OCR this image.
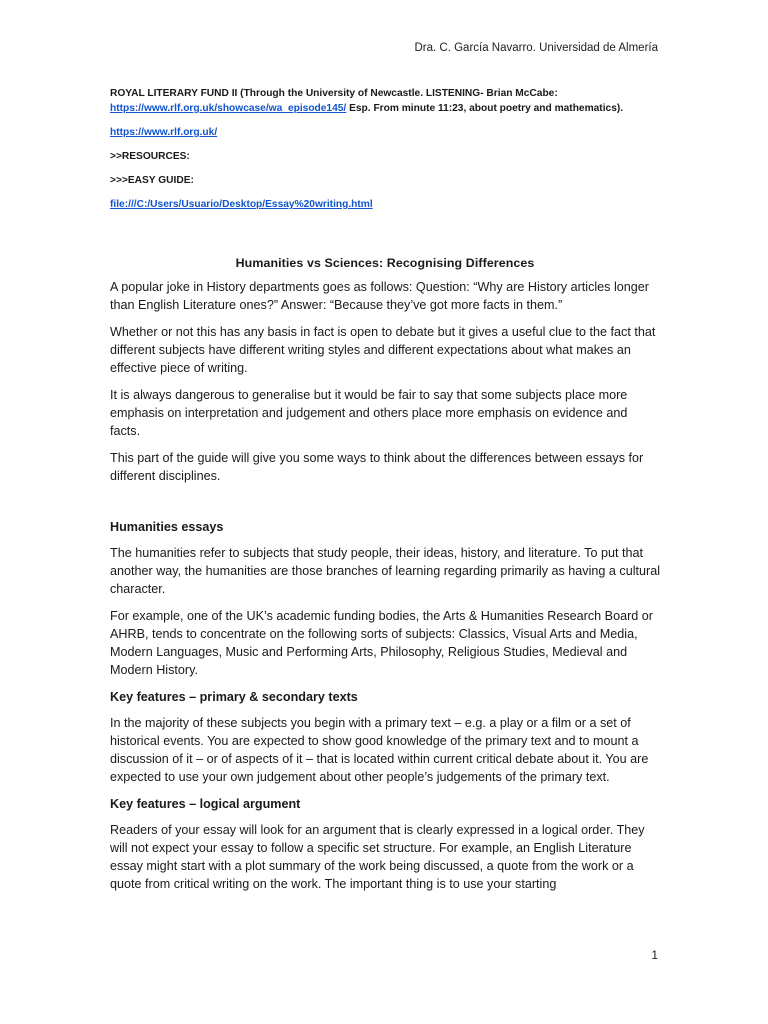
Dra. C. García Navarro. Universidad de Almería

ROYAL LITERARY FUND II (Through the University of Newcastle. LISTENING- Brian McCabe:
https://www.rlf.org.uk/showcase/wa_episode145/ Esp. From minute 11:23, about poetry and mathematics).

https://www.rlf.org.uk/

>>RESOURCES:

>>>EASY GUIDE:

file:///C:/Users/Usuario/Desktop/Essay%20writing.html

Humanities vs Sciences: Recognising Differences

A popular joke in History departments goes as follows: Question: “Why are History articles longer than English Literature ones?” Answer: “Because they’ve got more facts in them.”

Whether or not this has any basis in fact is open to debate but it gives a useful clue to the fact that different subjects have different writing styles and different expectations about what makes an effective piece of writing.

It is always dangerous to generalise but it would be fair to say that some subjects place more emphasis on interpretation and judgement and others place more emphasis on evidence and facts.

This part of the guide will give you some ways to think about the differences between essays for different disciplines.

Humanities essays

The humanities refer to subjects that study people, their ideas, history, and literature. To put that another way, the humanities are those branches of learning regarding primarily as having a cultural character.

For example, one of the UK’s academic funding bodies, the Arts & Humanities Research Board or AHRB, tends to concentrate on the following sorts of subjects: Classics, Visual Arts and Media, Modern Languages, Music and Performing Arts, Philosophy, Religious Studies, Medieval and Modern History.

Key features – primary & secondary texts

In the majority of these subjects you begin with a primary text – e.g. a play or a film or a set of historical events. You are expected to show good knowledge of the primary text and to mount a discussion of it – or of aspects of it – that is located within current critical debate about it. You are expected to use your own judgement about other people’s judgements of the primary text.

Key features – logical argument

Readers of your essay will look for an argument that is clearly expressed in a logical order. They will not expect your essay to follow a specific set structure. For example, an English Literature essay might start with a plot summary of the work being discussed, a quote from the work or a quote from critical writing on the work. The important thing is to use your starting

1
